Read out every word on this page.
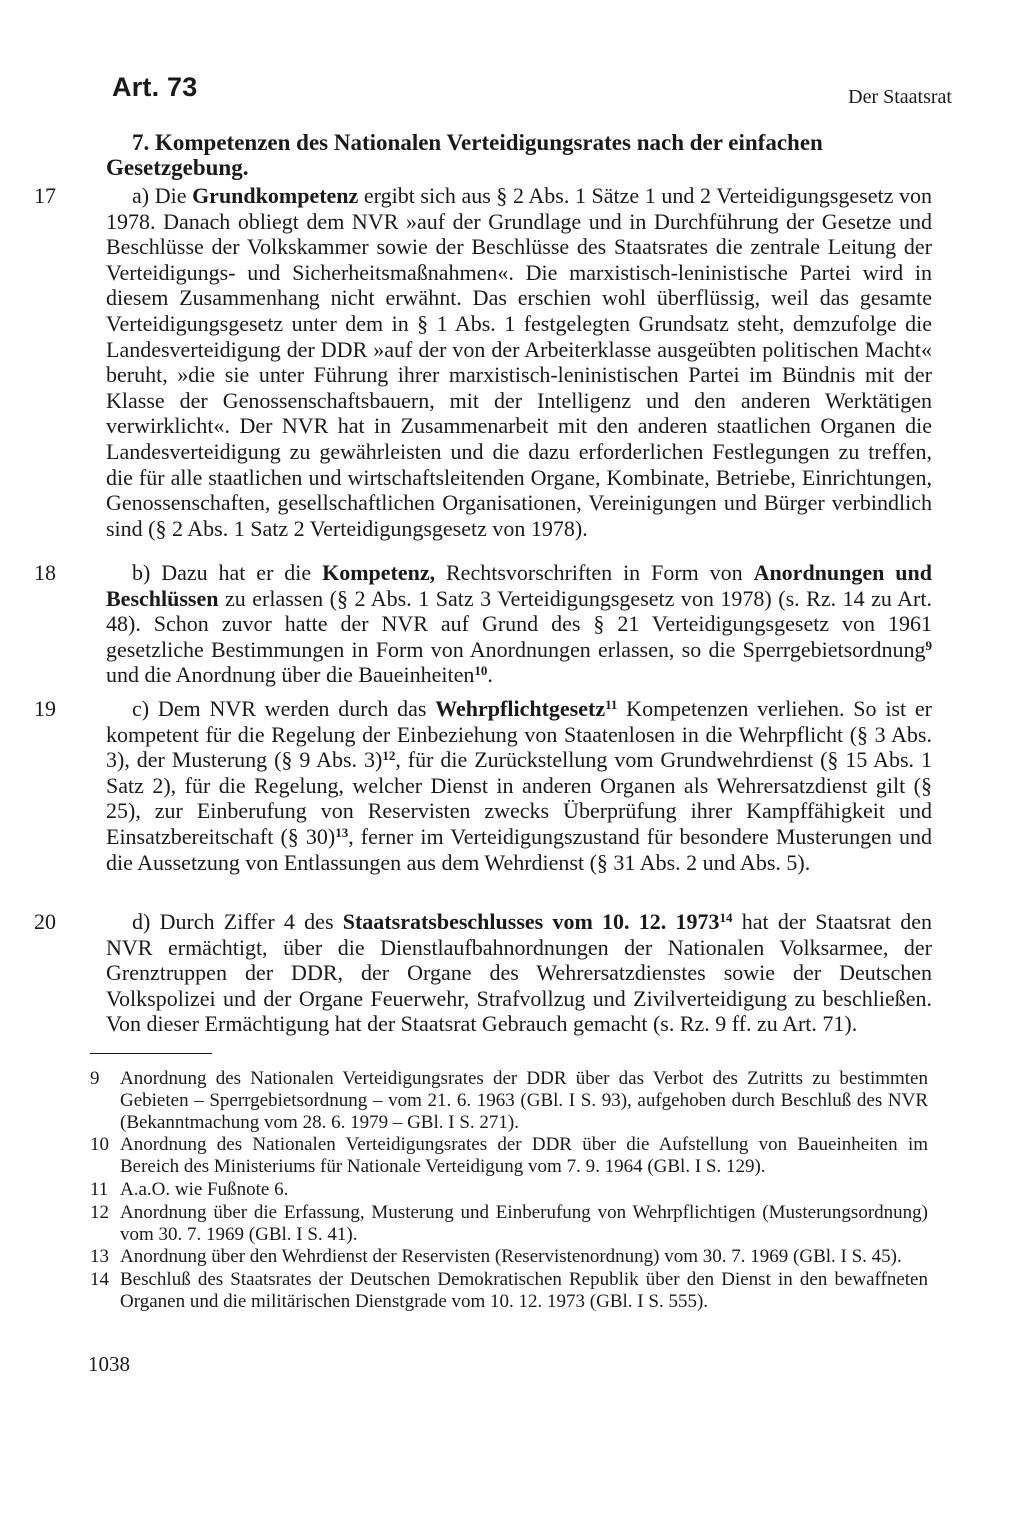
Art. 73	Der Staatsrat
7. Kompetenzen des Nationalen Verteidigungsrates nach der einfachen Gesetzgebung.
17	a) Die Grundkompetenz ergibt sich aus § 2 Abs. 1 Sätze 1 und 2 Verteidigungsgesetz von 1978. Danach obliegt dem NVR »auf der Grundlage und in Durchführung der Gesetze und Beschlüsse der Volkskammer sowie der Beschlüsse des Staatsrates die zentrale Leitung der Verteidigungs- und Sicherheitsmaßnahmen«. Die marxistisch-leninistische Partei wird in diesem Zusammenhang nicht erwähnt. Das erschien wohl überflüssig, weil das gesamte Verteidigungsgesetz unter dem in § 1 Abs. 1 festgelegten Grundsatz steht, demzufolge die Landesverteidigung der DDR »auf der von der Arbeiterklasse ausgeübten politischen Macht« beruht, »die sie unter Führung ihrer marxistisch-leninistischen Partei im Bündnis mit der Klasse der Genossenschaftsbauern, mit der Intelligenz und den anderen Werktätigen verwirklicht«. Der NVR hat in Zusammenarbeit mit den anderen staatlichen Organen die Landesverteidigung zu gewährleisten und die dazu erforderlichen Festlegungen zu treffen, die für alle staatlichen und wirtschaftsleitenden Organe, Kombinate, Betriebe, Einrichtungen, Genossenschaften, gesellschaftlichen Organisationen, Vereinigungen und Bürger verbindlich sind (§ 2 Abs. 1 Satz 2 Verteidigungsgesetz von 1978).
18	b) Dazu hat er die Kompetenz, Rechtsvorschriften in Form von Anordnungen und Beschlüssen zu erlassen (§ 2 Abs. 1 Satz 3 Verteidigungsgesetz von 1978) (s. Rz. 14 zu Art. 48). Schon zuvor hatte der NVR auf Grund des § 21 Verteidigungsgesetz von 1961 gesetzliche Bestimmungen in Form von Anordnungen erlassen, so die Sperrgebietsordnung$^9$ und die Anordnung über die Baueinheiten$^{10}$.
19	c) Dem NVR werden durch das Wehrpflichtgesetz$^{11}$ Kompetenzen verliehen. So ist er kompetent für die Regelung der Einbeziehung von Staatenlosen in die Wehrpflicht (§ 3 Abs. 3), der Musterung (§ 9 Abs. 3)$^{12}$, für die Zurückstellung vom Grundwehrdienst (§ 15 Abs. 1 Satz 2), für die Regelung, welcher Dienst in anderen Organen als Wehrersatzdienst gilt (§ 25), zur Einberufung von Reservisten zwecks Überprüfung ihrer Kampffähigkeit und Einsatzbereitschaft (§ 30)$^{13}$, ferner im Verteidigungszustand für besondere Musterungen und die Aussetzung von Entlassungen aus dem Wehrdienst (§ 31 Abs. 2 und Abs. 5).
20	d) Durch Ziffer 4 des Staatsratsbeschlusses vom 10. 12. 1973$^{14}$ hat der Staatsrat den NVR ermächtigt, über die Dienstlaufbahnordnungen der Nationalen Volksarmee, der Grenztruppen der DDR, der Organe des Wehrersatzdienstes sowie der Deutschen Volkspolizei und der Organe Feuerwehr, Strafvollzug und Zivilverteidigung zu beschließen. Von dieser Ermächtigung hat der Staatsrat Gebrauch gemacht (s. Rz. 9 ff. zu Art. 71).
9	Anordnung des Nationalen Verteidigungsrates der DDR über das Verbot des Zutritts zu bestimmten Gebieten – Sperrgebietsordnung – vom 21. 6. 1963 (GBl. I S. 93), aufgehoben durch Beschluß des NVR (Bekanntmachung vom 28. 6. 1979 – GBl. I S. 271).
10 Anordnung des Nationalen Verteidigungsrates der DDR über die Aufstellung von Baueinheiten im Bereich des Ministeriums für Nationale Verteidigung vom 7. 9. 1964 (GBl. I S. 129).
11 A.a.O. wie Fußnote 6.
12 Anordnung über die Erfassung, Musterung und Einberufung von Wehrpflichtigen (Musterungsordnung) vom 30. 7. 1969 (GBl. I S. 41).
13 Anordnung über den Wehrdienst der Reservisten (Reservistenordnung) vom 30. 7. 1969 (GBl. I S. 45).
14 Beschluß des Staatsrates der Deutschen Demokratischen Republik über den Dienst in den bewaffneten Organen und die militärischen Dienstgrade vom 10. 12. 1973 (GBl. I S. 555).
1038
